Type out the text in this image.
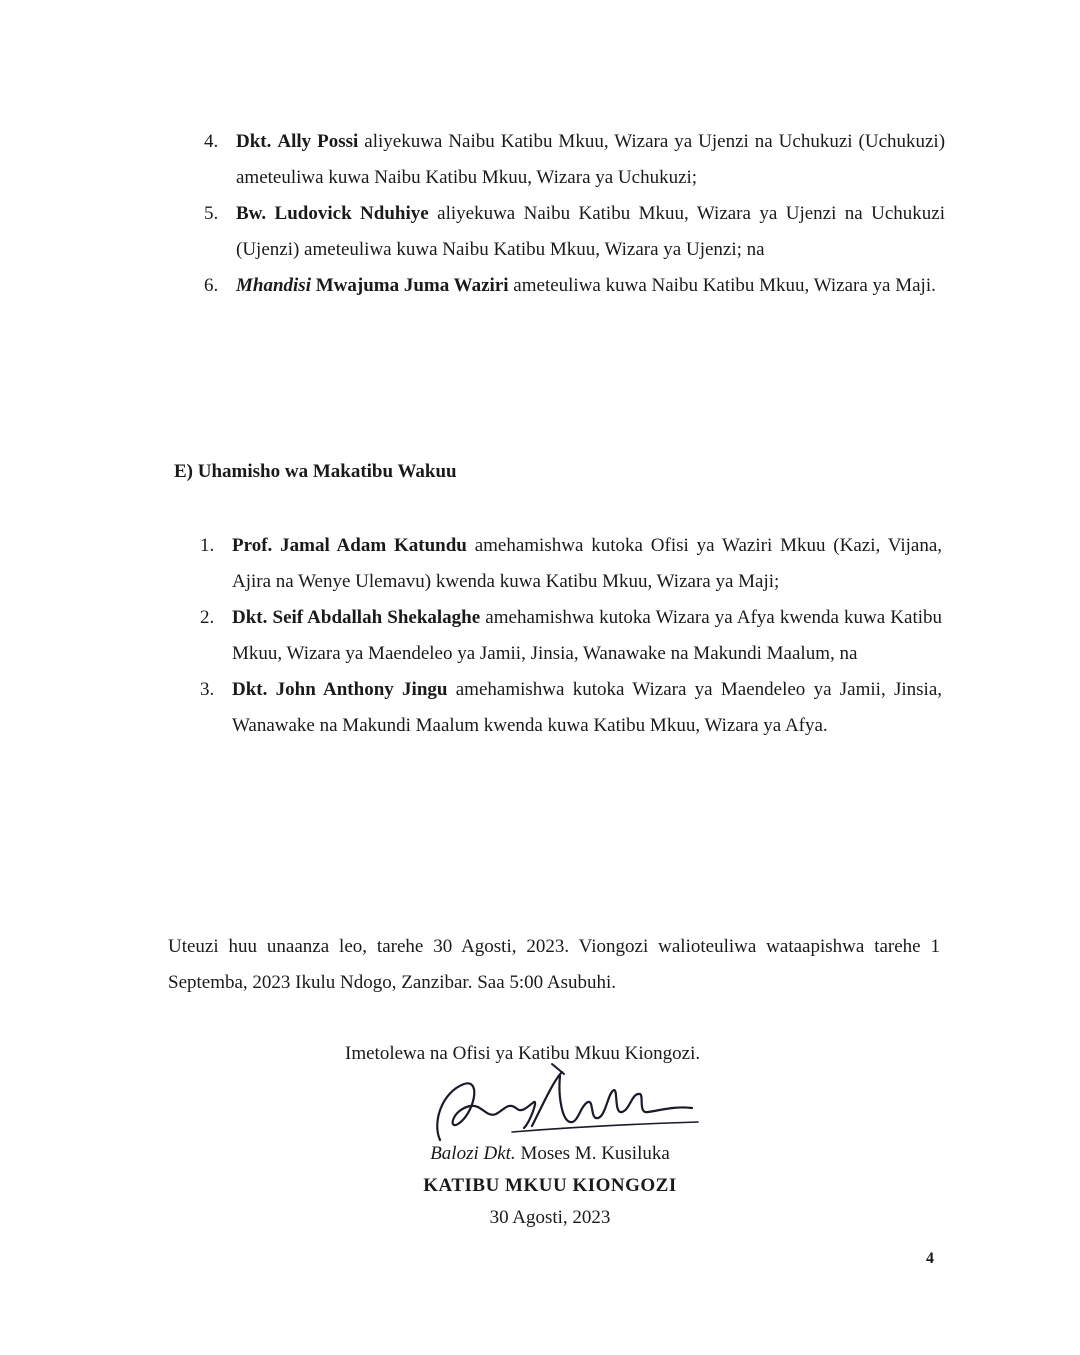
4. Dkt. Ally Possi aliyekuwa Naibu Katibu Mkuu, Wizara ya Ujenzi na Uchukuzi (Uchukuzi) ameteuliwa kuwa Naibu Katibu Mkuu, Wizara ya Uchukuzi;
5. Bw. Ludovick Nduhiye aliyekuwa Naibu Katibu Mkuu, Wizara ya Ujenzi na Uchukuzi (Ujenzi) ameteuliwa kuwa Naibu Katibu Mkuu, Wizara ya Ujenzi; na
6. Mhandisi Mwajuma Juma Waziri ameteuliwa kuwa Naibu Katibu Mkuu, Wizara ya Maji.
E) Uhamisho wa Makatibu Wakuu
1. Prof. Jamal Adam Katundu amehamishwa kutoka Ofisi ya Waziri Mkuu (Kazi, Vijana, Ajira na Wenye Ulemavu) kwenda kuwa Katibu Mkuu, Wizara ya Maji;
2. Dkt. Seif Abdallah Shekalaghe amehamishwa kutoka Wizara ya Afya kwenda kuwa Katibu Mkuu, Wizara ya Maendeleo ya Jamii, Jinsia, Wanawake na Makundi Maalum, na
3. Dkt. John Anthony Jingu amehamishwa kutoka Wizara ya Maendeleo ya Jamii, Jinsia, Wanawake na Makundi Maalum kwenda kuwa Katibu Mkuu, Wizara ya Afya.

Uteuzi huu unaanza leo, tarehe 30 Agosti, 2023. Viongozi walioteuliwa wataapishwa tarehe 1 Septemba, 2023 Ikulu Ndogo, Zanzibar. Saa 5:00 Asubuhi.

Imetolewa na Ofisi ya Katibu Mkuu Kiongozi.
Balozi Dkt. Moses M. Kusiluka
KATIBU MKUU KIONGOZI
30 Agosti, 2023
4
